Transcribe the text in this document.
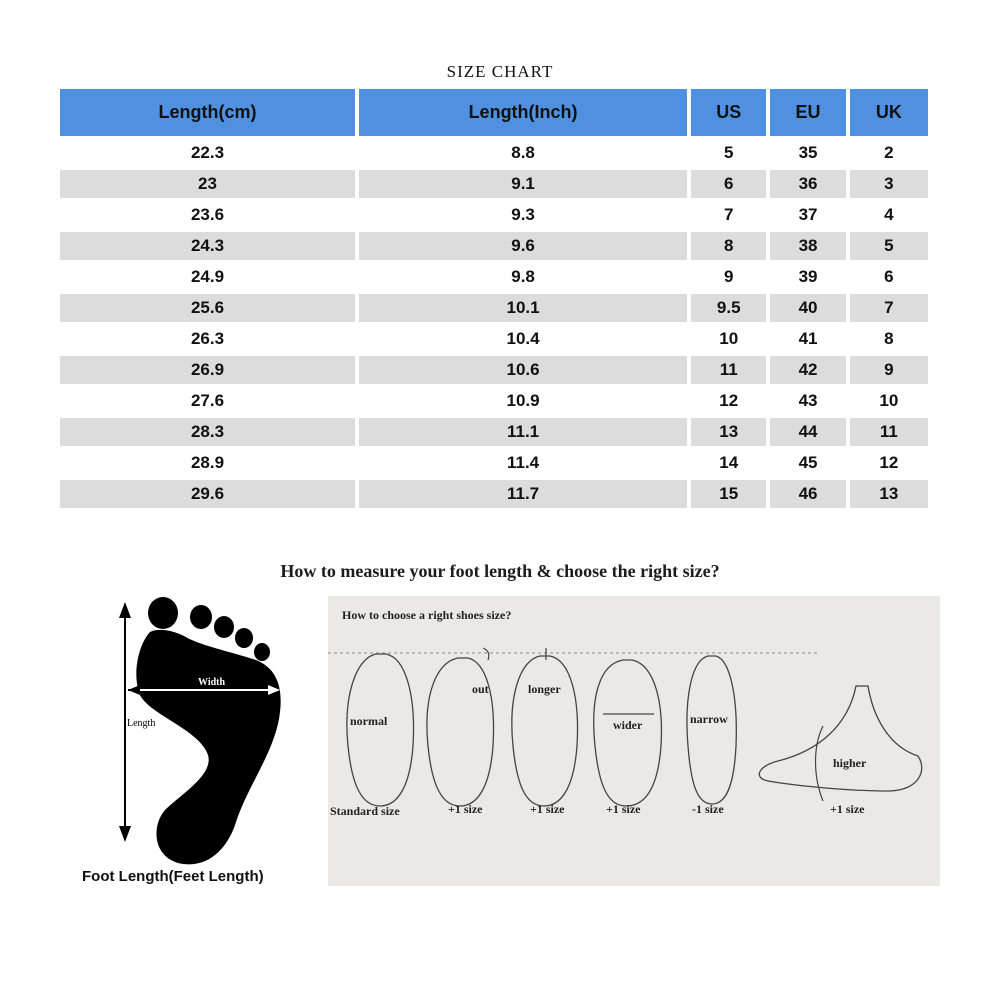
SIZE CHART
Length(cm)	Length(Inch)	US	EU	UK
22.3	8.8	5	35	2
23	9.1	6	36	3
23.6	9.3	7	37	4
24.3	9.6	8	38	5
24.9	9.8	9	39	6
25.6	10.1	9.5	40	7
26.3	10.4	10	41	8
26.9	10.6	11	42	9
27.6	10.9	12	43	10
28.3	11.1	13	44	11
28.9	11.4	14	45	12
29.6	11.7	15	46	13
How to measure your foot length & choose the right size?
Width
Length
Foot Length(Feet Length)
How to choose a right shoes size?
normal
out	longer
wider	narrow
higher
Standard size	+1 size	+1 size	+1 size	-1 size	+1 size
